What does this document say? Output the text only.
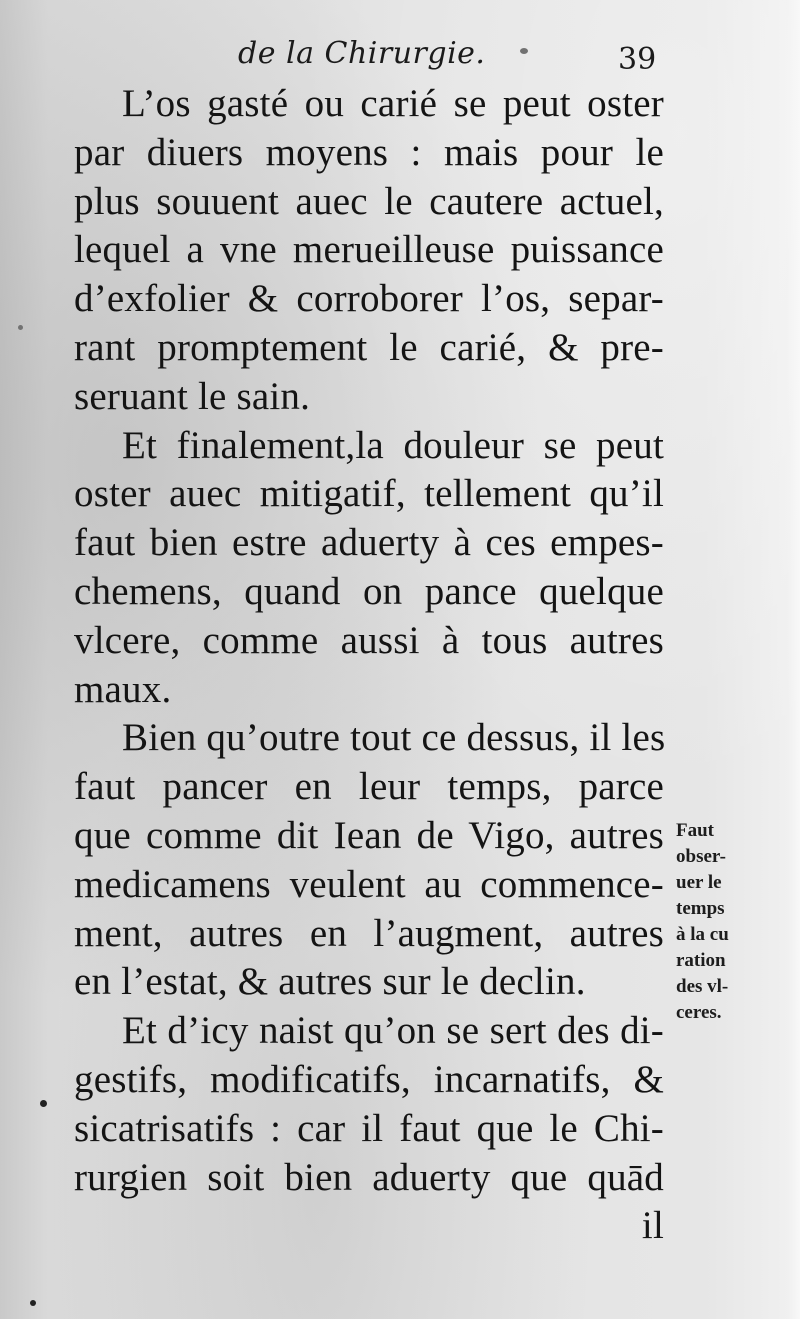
de la Chirurgie.	39
L’os gasté ou carié se peut oster
par diuers moyens : mais pour le
plus souuent auec le cautere actuel,
lequel a vne merueilleuse puissance
d’exfolier & corroborer l’os, separ-
rant promptement le carié, & pre-
seruant le sain.
Et finalement,la douleur se peut
oster auec mitigatif, tellement qu’il
faut bien estre aduerty à ces empes-
chemens, quand on pance quelque
vlcere, comme aussi à tous autres
maux.
Bien qu’outre tout ce dessus, il les
faut pancer en leur temps, parce
que comme dit Iean de Vigo, autres
medicamens veulent au commence-
ment, autres en l’augment, autres
en l’estat, & autres sur le declin.
Et d’icy naist qu’on se sert des di-
gestifs, modificatifs, incarnatifs, &
sicatrisatifs : car il faut que le Chi-
rurgien soit bien aduerty que quād
il
Faut
obser-
uer le
temps
à la cu
ration
des vl-
ceres.
